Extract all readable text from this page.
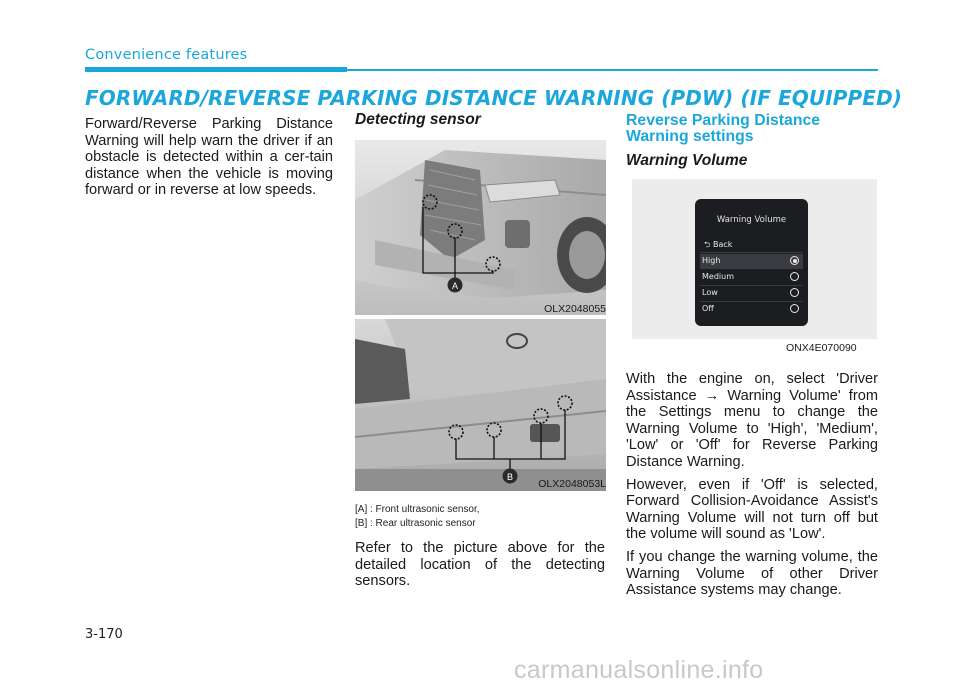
Convenience features
FORWARD/REVERSE PARKING DISTANCE WARNING (PDW) (IF EQUIPPED)
Forward/Reverse Parking Distance Warning will help warn the driver if an obstacle is detected within a cer-tain distance when the vehicle is moving forward or in reverse at low speeds.
Detecting sensor
A
OLX2048055
B
OLX2048053L
[A] : Front ultrasonic sensor,
[B] : Rear ultrasonic sensor
Refer to the picture above for the detailed location of the detecting sensors.
Reverse Parking Distance
Warning settings
Warning Volume
Warning Volume
⮌ Back
High
Medium
Low
Off
ONX4E070090

With the engine on, select 'Driver Assistance → Warning Volume' from the Settings menu to change the Warning Volume to 'High', 'Medium', 'Low' or 'Off' for Reverse Parking Distance Warning.

However, even if 'Off' is selected, Forward Collision-Avoidance Assist's Warning Volume will not turn off but the volume will sound as 'Low'.

If you change the warning volume, the Warning Volume of other Driver Assistance systems may change.

3-170
carmanualsonline.info
